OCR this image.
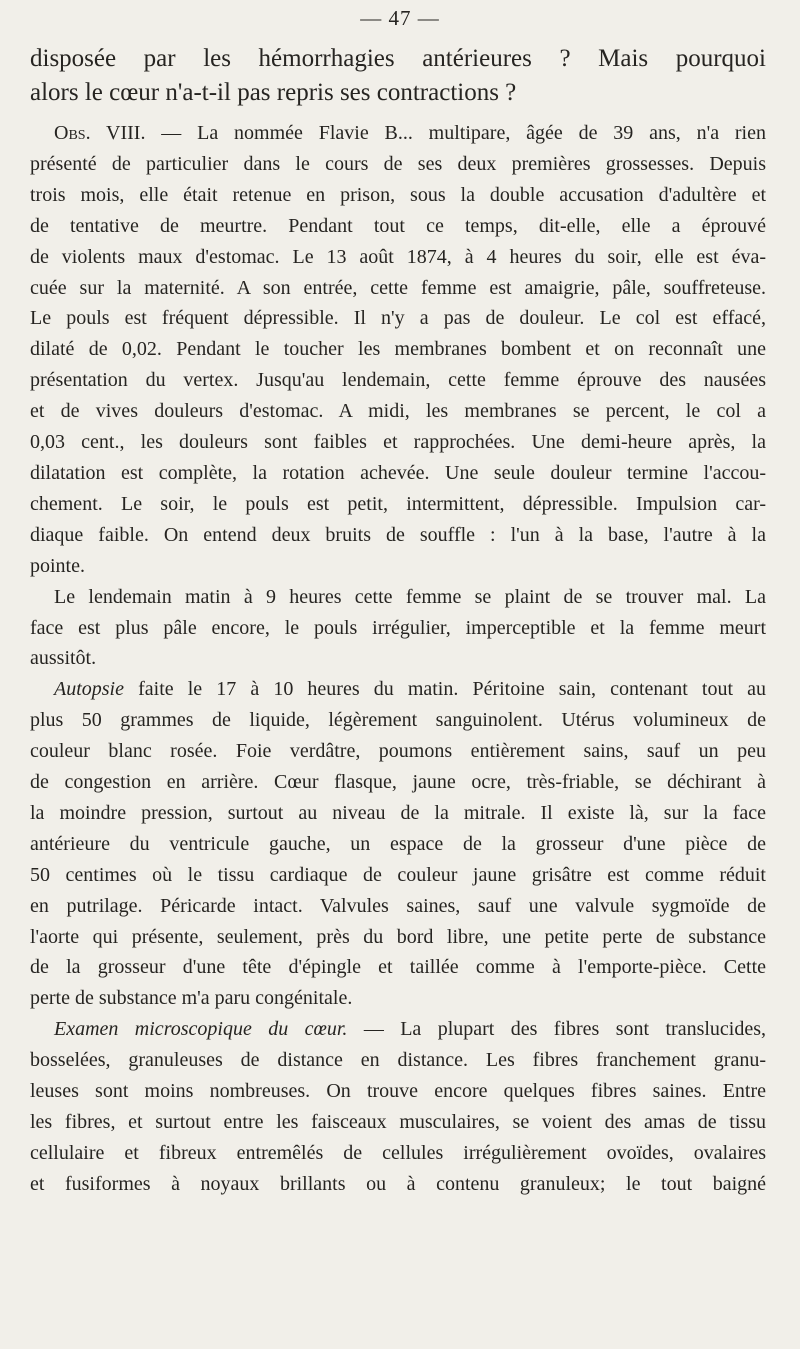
— 47 —

disposée par les hémorrhagies antérieures ? Mais pourquoi
alors le cœur n'a-t-il pas repris ses contractions ?

Obs. VIII. — La nommée Flavie B... multipare, âgée de 39 ans, n'a rien
présenté de particulier dans le cours de ses deux premières grossesses. Depuis
trois mois, elle était retenue en prison, sous la double accusation d'adultère et
de tentative de meurtre. Pendant tout ce temps, dit-elle, elle a éprouvé
de violents maux d'estomac. Le 13 août 1874, à 4 heures du soir, elle est éva-
cuée sur la maternité. A son entrée, cette femme est amaigrie, pâle, souffreteuse.
Le pouls est fréquent dépressible. Il n'y a pas de douleur. Le col est effacé,
dilaté de 0,02. Pendant le toucher les membranes bombent et on reconnaît une
présentation du vertex. Jusqu'au lendemain, cette femme éprouve des nausées
et de vives douleurs d'estomac. A midi, les membranes se percent, le col a
0,03 cent., les douleurs sont faibles et rapprochées. Une demi-heure après, la
dilatation est complète, la rotation achevée. Une seule douleur termine l'accou-
chement. Le soir, le pouls est petit, intermittent, dépressible. Impulsion car-
diaque faible. On entend deux bruits de souffle : l'un à la base, l'autre à la
pointe.

Le lendemain matin à 9 heures cette femme se plaint de se trouver mal. La
face est plus pâle encore, le pouls irrégulier, imperceptible et la femme meurt
aussitôt.

Autopsie faite le 17 à 10 heures du matin. Péritoine sain, contenant tout au
plus 50 grammes de liquide, légèrement sanguinolent. Utérus volumineux de
couleur blanc rosée. Foie verdâtre, poumons entièrement sains, sauf un peu
de congestion en arrière. Cœur flasque, jaune ocre, très-friable, se déchirant à
la moindre pression, surtout au niveau de la mitrale. Il existe là, sur la face
antérieure du ventricule gauche, un espace de la grosseur d'une pièce de
50 centimes où le tissu cardiaque de couleur jaune grisâtre est comme réduit
en putrilage. Péricarde intact. Valvules saines, sauf une valvule sygmoïde de
l'aorte qui présente, seulement, près du bord libre, une petite perte de substance
de la grosseur d'une tête d'épingle et taillée comme à l'emporte-pièce. Cette
perte de substance m'a paru congénitale.

Examen microscopique du cœur. — La plupart des fibres sont translucides,
bosselées, granuleuses de distance en distance. Les fibres franchement granu-
leuses sont moins nombreuses. On trouve encore quelques fibres saines. Entre
les fibres, et surtout entre les faisceaux musculaires, se voient des amas de tissu
cellulaire et fibreux entremêlés de cellules irrégulièrement ovoïdes, ovalaires
et fusiformes à noyaux brillants ou à contenu granuleux; le tout baigné
